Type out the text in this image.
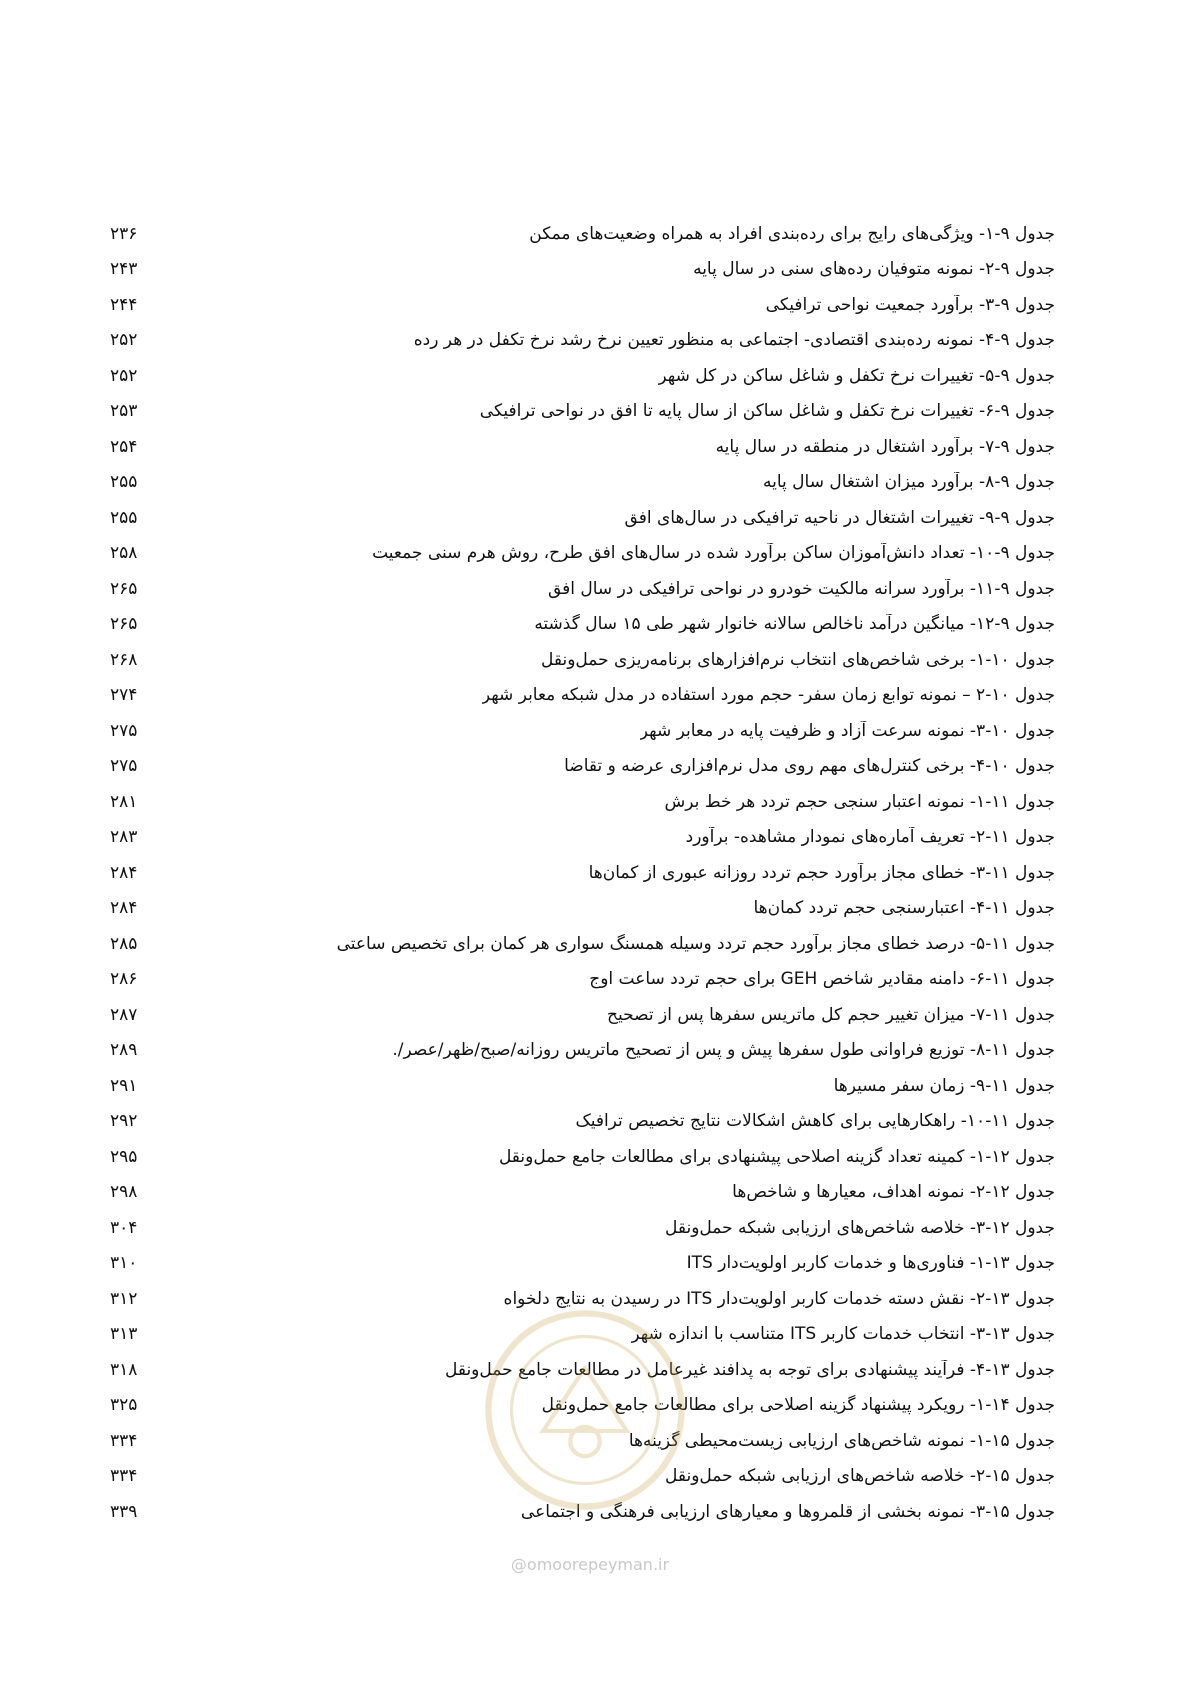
جدول ۹-۱- ویژگی‌های رایج برای رده‌بندی افراد به همراه وضعیت‌های ممکن
۲۳۶
جدول ۹-۲- نمونه متوفیان رده‌های سنی در سال پایه
۲۴۳
جدول ۹-۳- برآورد جمعیت نواحی ترافیکی
۲۴۴
جدول ۹-۴- نمونه رده‌بندی اقتصادی- اجتماعی به منظور تعیین نرخ رشد نرخ تکفل در هر رده
۲۵۲
جدول ۹-۵- تغییرات نرخ تکفل و شاغل ساکن در کل شهر
۲۵۲
جدول ۹-۶- تغییرات نرخ تکفل و شاغل ساکن از سال پایه تا افق در نواحی ترافیکی
۲۵۳
جدول ۹-۷- برآورد اشتغال در منطقه در سال پایه
۲۵۴
جدول ۹-۸- برآورد میزان اشتغال سال پایه
۲۵۵
جدول ۹-۹- تغییرات اشتغال در ناحیه ترافیکی در سال‌های افق
۲۵۵
جدول ۹-۱۰- تعداد دانش‌آموزان ساکن برآورد شده در سال‌های افق طرح، روش هرم سنی جمعیت
۲۵۸
جدول ۹-۱۱- برآورد سرانه مالکیت خودرو در نواحی ترافیکی در سال افق
۲۶۵
جدول ۹-۱۲- میانگین درآمد ناخالص سالانه خانوار شهر طی ۱۵ سال گذشته
۲۶۵
جدول ۱۰-۱- برخی شاخص‌های انتخاب نرم‌افزارهای برنامه‌ریزی حمل‌ونقل
۲۶۸
جدول ۱۰-۲ – نمونه توابع زمان سفر- حجم مورد استفاده در مدل شبکه معابر شهر
۲۷۴
جدول ۱۰-۳- نمونه سرعت آزاد و ظرفیت پایه در معابر شهر
۲۷۵
جدول ۱۰-۴- برخی کنترل‌های مهم روی مدل نرم‌افزاری عرضه و تقاضا
۲۷۵
جدول ۱۱-۱- نمونه اعتبار سنجی حجم تردد هر خط برش
۲۸۱
جدول ۱۱-۲- تعریف آماره‌های نمودار مشاهده- برآورد
۲۸۳
جدول ۱۱-۳- خطای مجاز برآورد حجم تردد روزانه عبوری از کمان‌ها
۲۸۴
جدول ۱۱-۴- اعتبارسنجی حجم تردد کمان‌ها
۲۸۴
جدول ۱۱-۵- درصد خطای مجاز برآورد حجم تردد وسیله همسنگ سواری هر کمان برای تخصیص ساعتی
۲۸۵
جدول ۱۱-۶- دامنه مقادیر شاخص GEH برای حجم تردد ساعت اوج
۲۸۶
جدول ۱۱-۷- میزان تغییر حجم کل ماتریس سفرها پس از تصحیح
۲۸۷
جدول ۱۱-۸- توزیع فراوانی طول سفرها پیش و پس از تصحیح ماتریس روزانه/صبح/ظهر/عصر/.
۲۸۹
جدول ۱۱-۹- زمان سفر مسیرها
۲۹۱
جدول ۱۱-۱۰- راهکارهایی برای کاهش اشکالات نتایج تخصیص ترافیک
۲۹۲
جدول ۱۲-۱- کمینه تعداد گزینه اصلاحی پیشنهادی برای مطالعات جامع حمل‌ونقل
۲۹۵
جدول ۱۲-۲- نمونه اهداف، معیارها و شاخص‌ها
۲۹۸
جدول ۱۲-۳- خلاصه شاخص‌های ارزیابی شبکه حمل‌ونقل
۳۰۴
جدول ۱۳-۱- فناوری‌ها و خدمات کاربر اولویت‌دار ITS
۳۱۰
جدول ۱۳-۲- نقش دسته خدمات کاربر اولویت‌دار ITS در رسیدن به نتایج دلخواه
۳۱۲
جدول ۱۳-۳- انتخاب خدمات کاربر ITS متناسب با اندازه شهر
۳۱۳
جدول ۱۳-۴- فرآیند پیشنهادی برای توجه به پدافند غیرعامل در مطالعات جامع حمل‌ونقل
۳۱۸
جدول ۱۴-۱- رویکرد پیشنهاد گزینه اصلاحی برای مطالعات جامع حمل‌ونقل
۳۲۵
جدول ۱۵-۱- نمونه شاخص‌های ارزیابی زیست‌محیطی گزینه‌ها
۳۳۴
جدول ۱۵-۲- خلاصه شاخص‌های ارزیابی شبکه حمل‌ونقل
۳۳۴
جدول ۱۵-۳- نمونه بخشی از قلمروها و معیارهای ارزیابی فرهنگی و اجتماعی
۳۳۹
@omoorepeyman.ir
